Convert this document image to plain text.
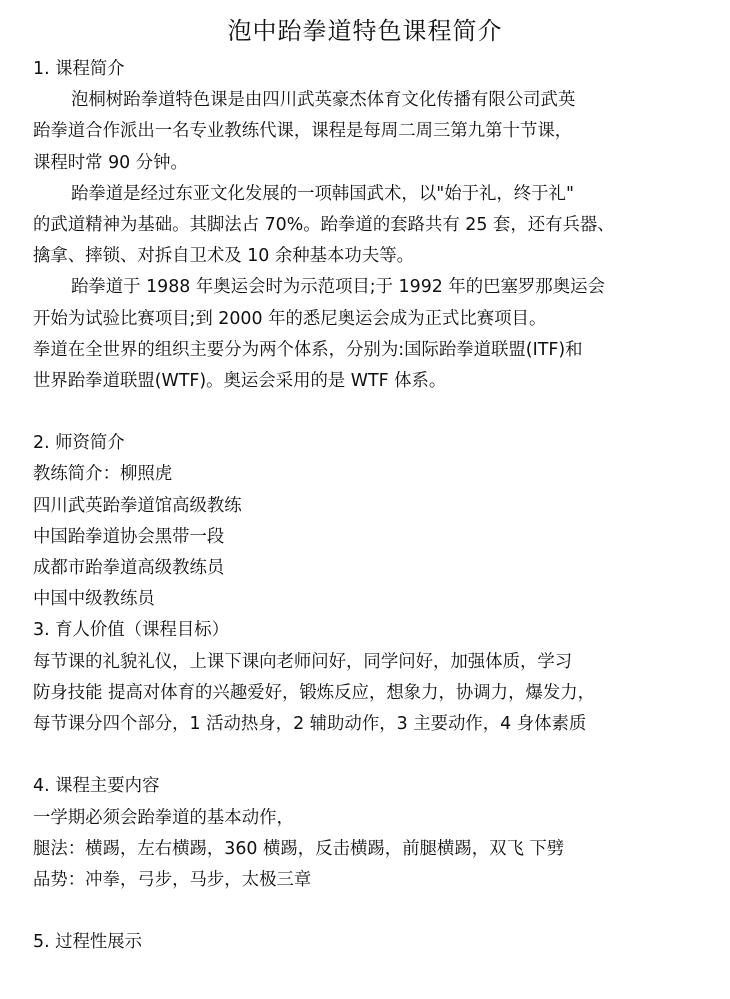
泡中跆拳道特色课程简介
1. 课程简介
泡桐树跆拳道特色课是由四川武英豪杰体育文化传播有限公司武英
跆拳道合作派出一名专业教练代课，课程是每周二周三第九第十节课，
课程时常 90 分钟。
跆拳道是经过东亚文化发展的一项韩国武术，以"始于礼，终于礼"
的武道精神为基础。其脚法占 70%。跆拳道的套路共有 25 套，还有兵器、
擒拿、摔锁、对拆自卫术及 10 余种基本功夫等。
跆拳道于 1988 年奥运会时为示范项目;于 1992 年的巴塞罗那奥运会
开始为试验比赛项目;到 2000 年的悉尼奥运会成为正式比赛项目。
拳道在全世界的组织主要分为两个体系，分别为:国际跆拳道联盟(ITF)和
世界跆拳道联盟(WTF)。奥运会采用的是 WTF 体系。
2. 师资简介
教练简介：柳照虎
四川武英跆拳道馆高级教练
中国跆拳道协会黑带一段
成都市跆拳道高级教练员
中国中级教练员
3. 育人价值（课程目标）
每节课的礼貌礼仪，上课下课向老师问好，同学问好，加强体质，学习
防身技能 提高对体育的兴趣爱好，锻炼反应，想象力，协调力，爆发力，
每节课分四个部分，1 活动热身，2 辅助动作，3 主要动作，4 身体素质
4. 课程主要内容
一学期必须会跆拳道的基本动作，
腿法：横踢，左右横踢，360 横踢，反击横踢，前腿横踢，双飞 下劈
品势：冲拳，弓步，马步，太极三章
5. 过程性展示
